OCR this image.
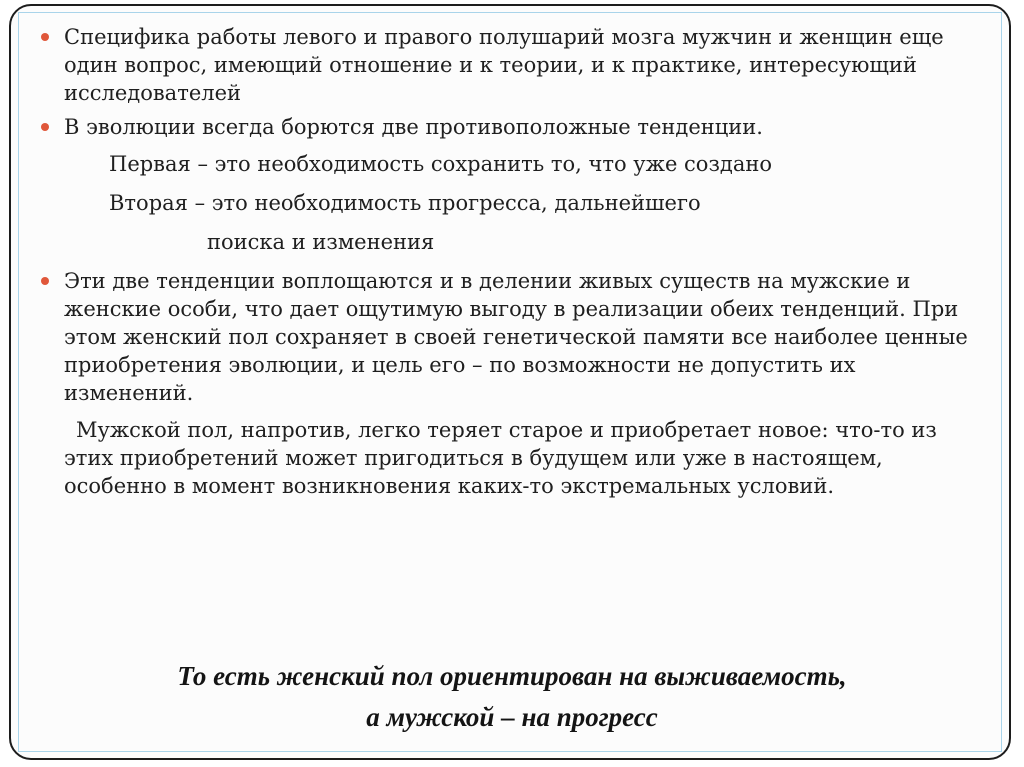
Специфика работы левого и правого полушарий мозга мужчин и женщин еще один вопрос, имеющий отношение и к теории, и к практике, интересующий исследователей
В эволюции всегда борются две противоположные тенденции.
Первая – это необходимость сохранить то, что уже создано
Вторая – это необходимость прогресса, дальнейшего
поиска и изменения
Эти две тенденции воплощаются и в делении живых существ на мужские и женские особи, что дает ощутимую выгоду в реализации обеих тенденций. При этом женский пол сохраняет в своей генетической памяти все наиболее ценные приобретения эволюции, и цель его – по возможности не допустить их изменений.
Мужской пол, напротив, легко теряет старое и приобретает новое: что-то из этих приобретений может пригодиться в будущем или уже в настоящем, особенно в момент возникновения каких-то экстремальных условий.
То есть женский пол ориентирован на выживаемость,
а мужской – на прогресс
